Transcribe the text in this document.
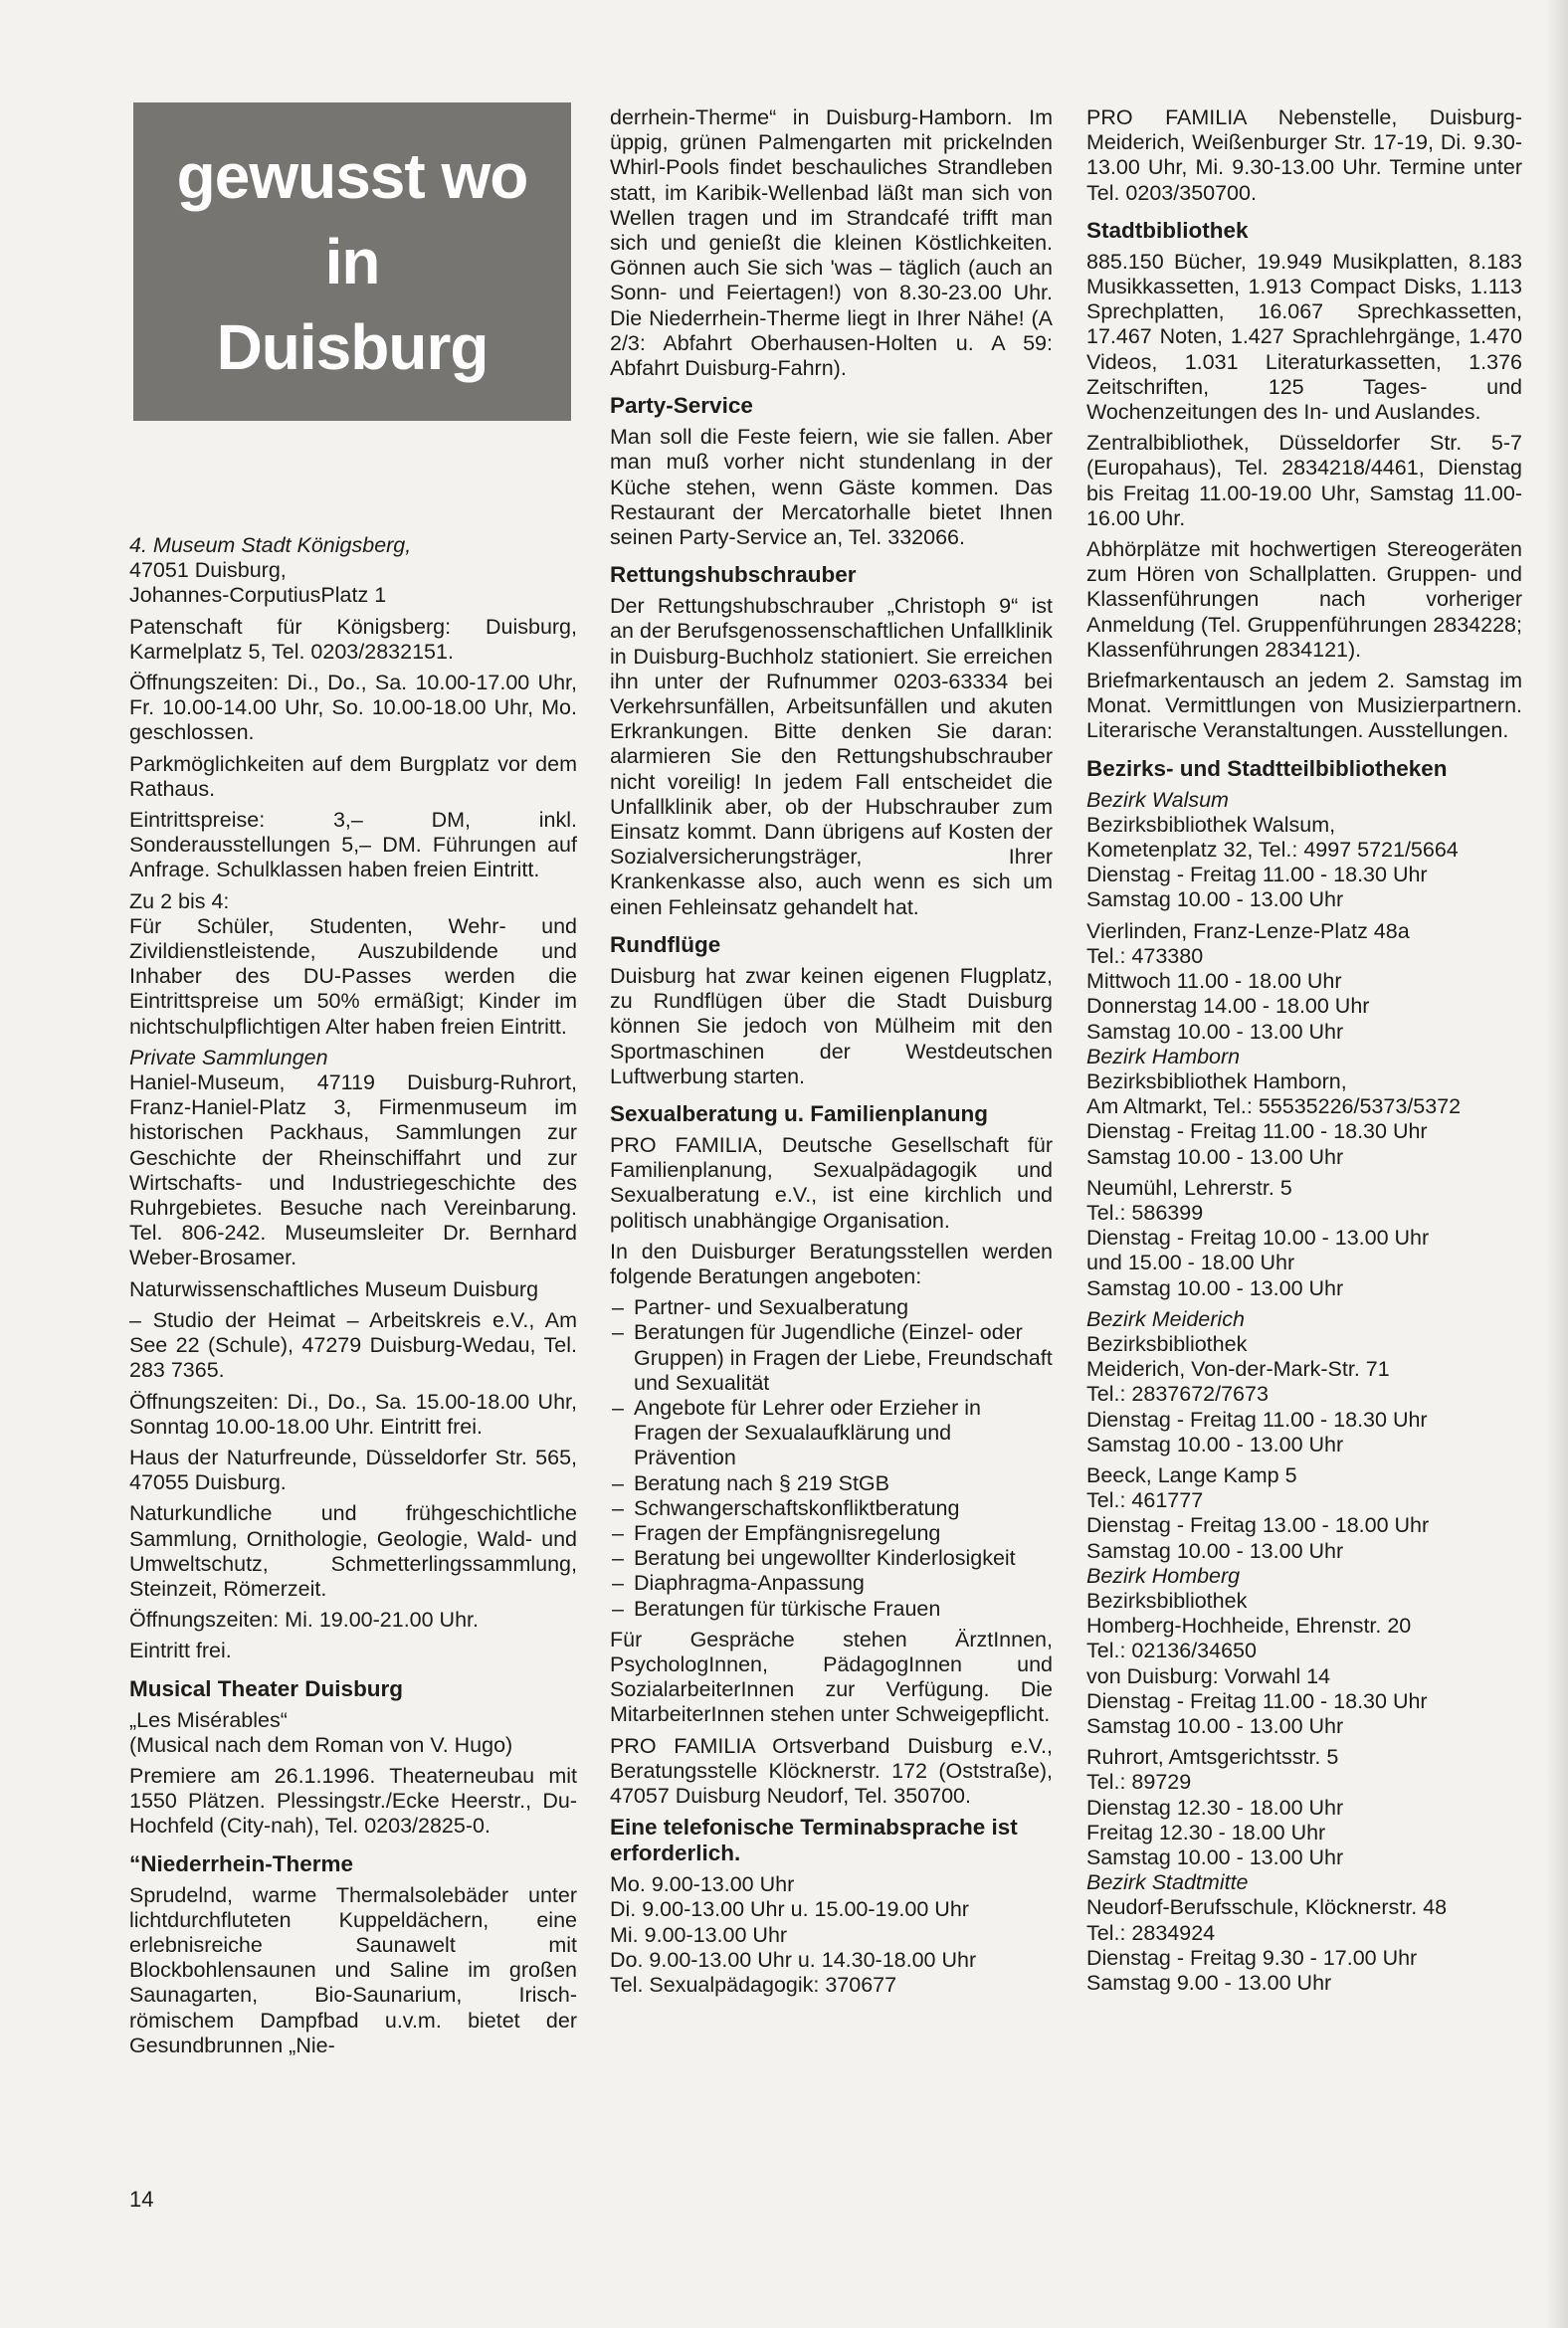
gewusst wo
in
Duisburg

4. Museum Stadt Königsberg,

47051 Duisburg,

Johannes-CorputiusPlatz 1

Patenschaft für Königsberg: Duisburg, Karmelplatz 5, Tel. 0203/2832151.

Öffnungszeiten: Di., Do., Sa. 10.00-17.00 Uhr, Fr. 10.00-14.00 Uhr, So. 10.00-18.00 Uhr, Mo. geschlossen.

Parkmöglichkeiten auf dem Burgplatz vor dem Rathaus.

Eintrittspreise: 3,– DM, inkl. Sonderausstellungen 5,– DM. Führungen auf Anfrage. Schulklassen haben freien Eintritt.

Zu 2 bis 4:

Für Schüler, Studenten, Wehr- und Zivildienstleistende, Auszubildende und Inhaber des DU-Passes werden die Eintrittspreise um 50% ermäßigt; Kinder im nichtschulpflichtigen Alter haben freien Eintritt.

Private Sammlungen

Haniel-Museum, 47119 Duisburg-Ruhrort, Franz-Haniel-Platz 3, Firmenmuseum im historischen Packhaus, Sammlungen zur Geschichte der Rheinschiffahrt und zur Wirtschafts- und Industriegeschichte des Ruhrgebietes. Besuche nach Vereinbarung. Tel. 806-242. Museumsleiter Dr. Bernhard Weber-Brosamer.

Naturwissenschaftliches Museum Duisburg

– Studio der Heimat – Arbeitskreis e.V., Am See 22 (Schule), 47279 Duisburg-Wedau, Tel. 283 7365.

Öffnungszeiten: Di., Do., Sa. 15.00-18.00 Uhr, Sonntag 10.00-18.00 Uhr. Eintritt frei.

Haus der Naturfreunde, Düsseldorfer Str. 565, 47055 Duisburg.

Naturkundliche und frühgeschichtliche Sammlung, Ornithologie, Geologie, Wald- und Umweltschutz, Schmetterlingssammlung, Steinzeit, Römerzeit.

Öffnungszeiten: Mi. 19.00-21.00 Uhr.

Eintritt frei.

Musical Theater Duisburg

„Les Misérables“

(Musical nach dem Roman von V. Hugo)

Premiere am 26.1.1996. Theaterneubau mit 1550 Plätzen. Plessingstr./Ecke Heerstr., Du-Hochfeld (City-nah), Tel. 0203/2825-0.

“Niederrhein-Therme

Sprudelnd, warme Thermalsolebäder unter lichtdurchfluteten Kuppeldächern, eine erlebnisreiche Saunawelt mit Blockbohlensaunen und Saline im großen Saunagarten, Bio-Saunarium, Irisch-römischem Dampfbad u.v.m. bietet der Gesundbrunnen „Nie-

derrhein-Therme“ in Duisburg-Hamborn. Im üppig, grünen Palmengarten mit prickelnden Whirl-Pools findet beschauliches Strandleben statt, im Karibik-Wellenbad läßt man sich von Wellen tragen und im Strandcafé trifft man sich und genießt die kleinen Köstlichkeiten. Gönnen auch Sie sich 'was – täglich (auch an Sonn- und Feiertagen!) von 8.30-23.00 Uhr. Die Niederrhein-Therme liegt in Ihrer Nähe! (A 2/3: Abfahrt Oberhausen-Holten u. A 59: Abfahrt Duisburg-Fahrn).

Party-Service

Man soll die Feste feiern, wie sie fallen. Aber man muß vorher nicht stundenlang in der Küche stehen, wenn Gäste kommen. Das Restaurant der Mercatorhalle bietet Ihnen seinen Party-Service an, Tel. 332066.

Rettungshubschrauber

Der Rettungshubschrauber „Christoph 9“ ist an der Berufsgenossenschaftlichen Unfallklinik in Duisburg-Buchholz stationiert. Sie erreichen ihn unter der Rufnummer 0203-63334 bei Verkehrsunfällen, Arbeitsunfällen und akuten Erkrankungen. Bitte denken Sie daran: alarmieren Sie den Rettungshubschrauber nicht voreilig! In jedem Fall entscheidet die Unfallklinik aber, ob der Hubschrauber zum Einsatz kommt. Dann übrigens auf Kosten der Sozialversicherungsträger, Ihrer Krankenkasse also, auch wenn es sich um einen Fehleinsatz gehandelt hat.

Rundflüge

Duisburg hat zwar keinen eigenen Flugplatz, zu Rundflügen über die Stadt Duisburg können Sie jedoch von Mülheim mit den Sportmaschinen der Westdeutschen Luftwerbung starten.

Sexualberatung u. Familienplanung

PRO FAMILIA, Deutsche Gesellschaft für Familienplanung, Sexualpädagogik und Sexualberatung e.V., ist eine kirchlich und politisch unabhängige Organisation.

In den Duisburger Beratungsstellen werden folgende Beratungen angeboten:

– Partner- und Sexualberatung
– Beratungen für Jugendliche (Einzel- oder Gruppen) in Fragen der Liebe, Freundschaft und Sexualität
– Angebote für Lehrer oder Erzieher in Fragen der Sexualaufklärung und Prävention
– Beratung nach § 219 StGB
– Schwangerschaftskonfliktberatung
– Fragen der Empfängnisregelung
– Beratung bei ungewollter Kinderlosigkeit
– Diaphragma-Anpassung
– Beratungen für türkische Frauen

Für Gespräche stehen ÄrztInnen, PsychologInnen, PädagogInnen und SozialarbeiterInnen zur Verfügung. Die MitarbeiterInnen stehen unter Schweigepflicht.

PRO FAMILIA Ortsverband Duisburg e.V., Beratungsstelle Klöcknerstr. 172 (Oststraße), 47057 Duisburg Neudorf, Tel. 350700.

Eine telefonische Terminabsprache ist erforderlich.

Mo. 9.00-13.00 Uhr

Di. 9.00-13.00 Uhr u. 15.00-19.00 Uhr

Mi. 9.00-13.00 Uhr

Do. 9.00-13.00 Uhr u. 14.30-18.00 Uhr

Tel. Sexualpädagogik: 370677

PRO FAMILIA Nebenstelle, Duisburg-Meiderich, Weißenburger Str. 17-19, Di. 9.30-13.00 Uhr, Mi. 9.30-13.00 Uhr. Termine unter Tel. 0203/350700.

Stadtbibliothek

885.150 Bücher, 19.949 Musikplatten, 8.183 Musikkassetten, 1.913 Compact Disks, 1.113 Sprechplatten, 16.067 Sprechkassetten, 17.467 Noten, 1.427 Sprachlehrgänge, 1.470 Videos, 1.031 Literaturkassetten, 1.376 Zeitschriften, 125 Tages- und Wochenzeitungen des In- und Auslandes.

Zentralbibliothek, Düsseldorfer Str. 5-7 (Europahaus), Tel. 2834218/4461, Dienstag bis Freitag 11.00-19.00 Uhr, Samstag 11.00-16.00 Uhr.

Abhörplätze mit hochwertigen Stereogeräten zum Hören von Schallplatten. Gruppen- und Klassenführungen nach vorheriger Anmeldung (Tel. Gruppenführungen 2834228; Klassenführungen 2834121).

Briefmarkentausch an jedem 2. Samstag im Monat. Vermittlungen von Musizierpartnern. Literarische Veranstaltungen. Ausstellungen.

Bezirks- und Stadtteilbibliotheken

Bezirk Walsum

Bezirksbibliothek Walsum,

Kometenplatz 32, Tel.: 4997 5721/5664

Dienstag - Freitag 11.00 - 18.30 Uhr

Samstag 10.00 - 13.00 Uhr

Vierlinden, Franz-Lenze-Platz 48a

Tel.: 473380

Mittwoch 11.00 - 18.00 Uhr

Donnerstag 14.00 - 18.00 Uhr

Samstag 10.00 - 13.00 Uhr

Bezirk Hamborn

Bezirksbibliothek Hamborn,

Am Altmarkt, Tel.: 55535226/5373/5372

Dienstag - Freitag 11.00 - 18.30 Uhr

Samstag 10.00 - 13.00 Uhr

Neumühl, Lehrerstr. 5

Tel.: 586399

Dienstag - Freitag 10.00 - 13.00 Uhr

und 15.00 - 18.00 Uhr

Samstag 10.00 - 13.00 Uhr

Bezirk Meiderich

Bezirksbibliothek

Meiderich, Von-der-Mark-Str. 71

Tel.: 2837672/7673

Dienstag - Freitag 11.00 - 18.30 Uhr

Samstag 10.00 - 13.00 Uhr

Beeck, Lange Kamp 5

Tel.: 461777

Dienstag - Freitag 13.00 - 18.00 Uhr

Samstag 10.00 - 13.00 Uhr

Bezirk Homberg

Bezirksbibliothek

Homberg-Hochheide, Ehrenstr. 20

Tel.: 02136/34650

von Duisburg: Vorwahl 14

Dienstag - Freitag 11.00 - 18.30 Uhr

Samstag 10.00 - 13.00 Uhr

Ruhrort, Amtsgerichtsstr. 5

Tel.: 89729

Dienstag 12.30 - 18.00 Uhr

Freitag 12.30 - 18.00 Uhr

Samstag 10.00 - 13.00 Uhr

Bezirk Stadtmitte

Neudorf-Berufsschule, Klöcknerstr. 48

Tel.: 2834924

Dienstag - Freitag 9.30 - 17.00 Uhr

Samstag 9.00 - 13.00 Uhr

14
